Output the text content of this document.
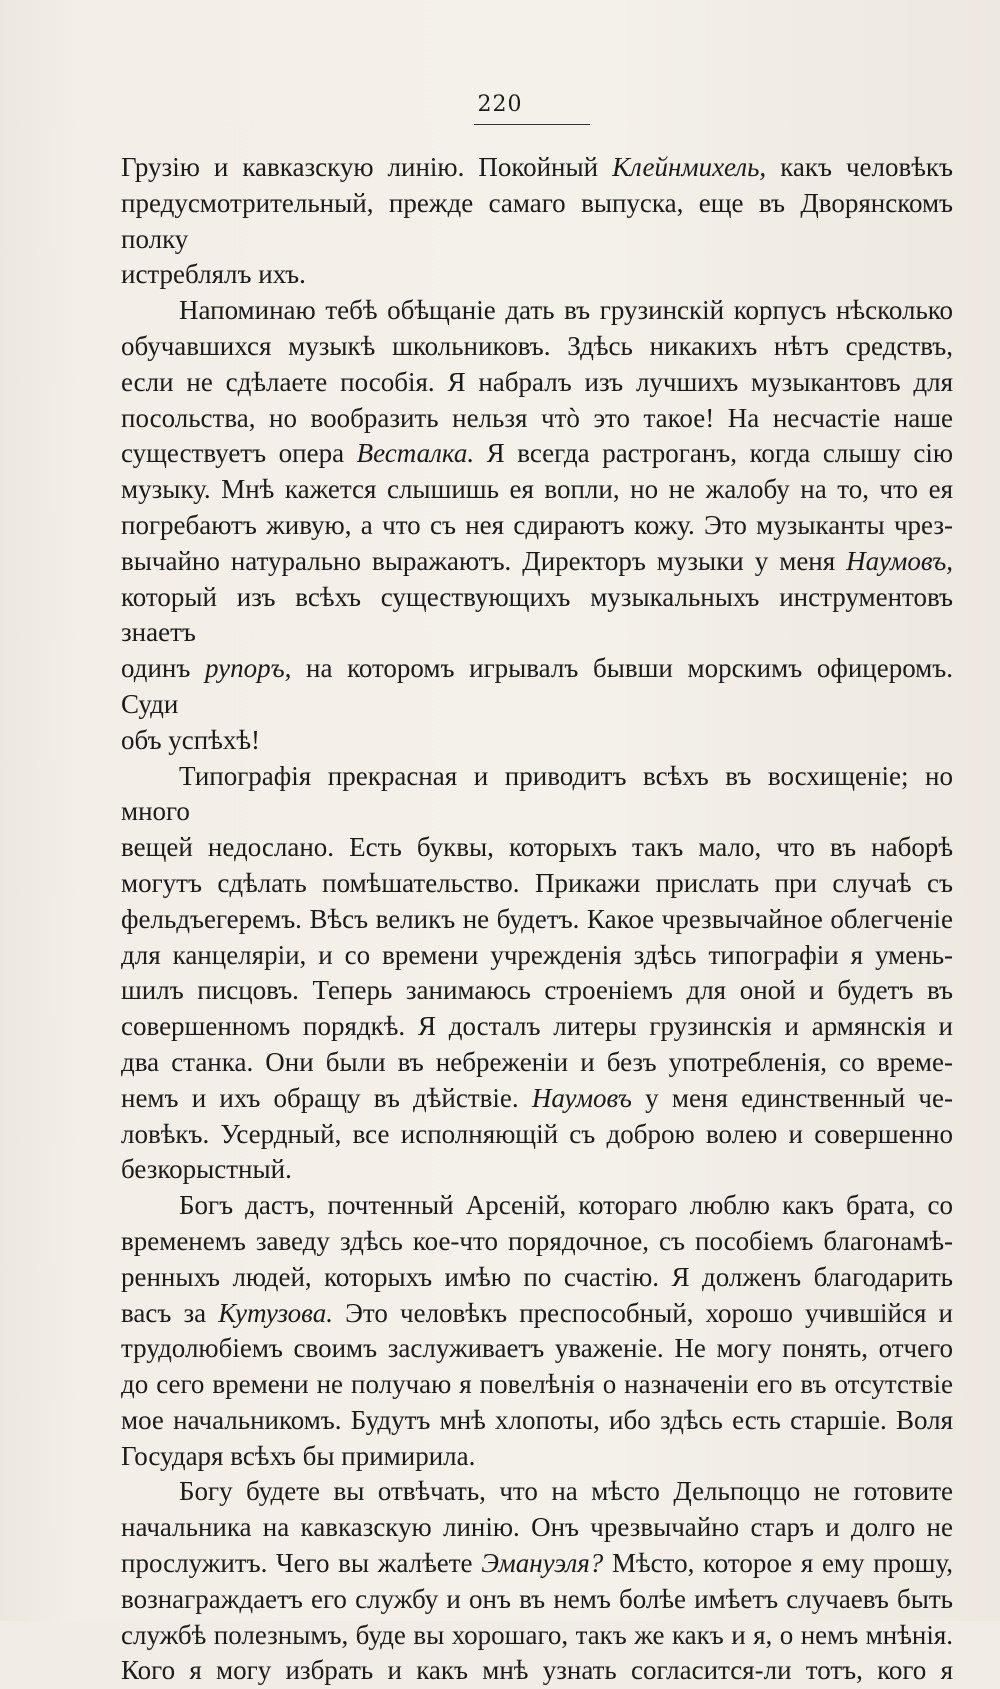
220
Грузію и кавказскую линію. Покойный Клейнмихель, какъ человѣкъ
предусмотрительный, прежде самаго выпуска, еще въ Дворянскомъ полку
истреблялъ ихъ.
Напоминаю тебѣ обѣщаніе дать въ грузинскій корпусъ нѣсколько
обучавшихся музыкѣ школьниковъ. Здѣсь никакихъ нѣтъ средствъ,
если не сдѣлаете пособія. Я набралъ изъ лучшихъ музыкантовъ для
посольства, но вообразить нельзя чтò это такое! На несчастіе наше
существуетъ опера Весталка. Я всегда растроганъ, когда слышу сію
музыку. Мнѣ кажется слышишь ея вопли, но не жалобу на то, что ея
погребаютъ живую, а что съ нея сдираютъ кожу. Это музыканты чрез-
вычайно натурально выражаютъ. Директоръ музыки у меня Наумовъ,
который изъ всѣхъ существующихъ музыкальныхъ инструментовъ знаетъ
одинъ рупоръ, на которомъ игрывалъ бывши морскимъ офицеромъ. Суди
объ успѣхѣ!
Типографія прекрасная и приводитъ всѣхъ въ восхищеніе; но много
вещей недослано. Есть буквы, которыхъ такъ мало, что въ наборѣ
могутъ сдѣлать помѣшательство. Прикажи прислать при случаѣ съ
фельдъегеремъ. Вѣсъ великъ не будетъ. Какое чрезвычайное облегченіе
для канцеляріи, и со времени учрежденія здѣсь типографіи я умень-
шилъ писцовъ. Теперь занимаюсь строеніемъ для оной и будетъ въ
совершенномъ порядкѣ. Я досталъ литеры грузинскія и армянскія и
два станка. Они были въ небреженіи и безъ употребленія, со време-
немъ и ихъ обращу въ дѣйствіе. Наумовъ у меня единственный че-
ловѣкъ. Усердный, все исполняющій съ доброю волею и совершенно
безкорыстный.
Богъ дастъ, почтенный Арсеній, котораго люблю какъ брата, со
временемъ заведу здѣсь кое-что порядочное, съ пособіемъ благонамѣ-
ренныхъ людей, которыхъ имѣю по счастію. Я долженъ благодарить
васъ за Кутузова. Это человѣкъ преспособный, хорошо учившійся и
трудолюбіемъ своимъ заслуживаетъ уваженіе. Не могу понять, отчего
до сего времени не получаю я повелѣнія о назначеніи его въ отсутствіе
мое начальникомъ. Будутъ мнѣ хлопоты, ибо здѣсь есть старшіе. Воля
Государя всѣхъ бы примирила.
Богу будете вы отвѣчать, что на мѣсто Дельпоццо не готовите
начальника на кавказскую линію. Онъ чрезвычайно старъ и долго не
прослужитъ. Чего вы жалѣете Эмануэля? Мѣсто, которое я ему прошу,
вознаграждаетъ его службу и онъ въ немъ болѣе имѣетъ случаевъ быть
службѣ полезнымъ, буде вы хорошаго, такъ же какъ и я, о немъ мнѣнія.
Кого я могу избрать и какъ мнѣ узнать согласится-ли тотъ, кого я
